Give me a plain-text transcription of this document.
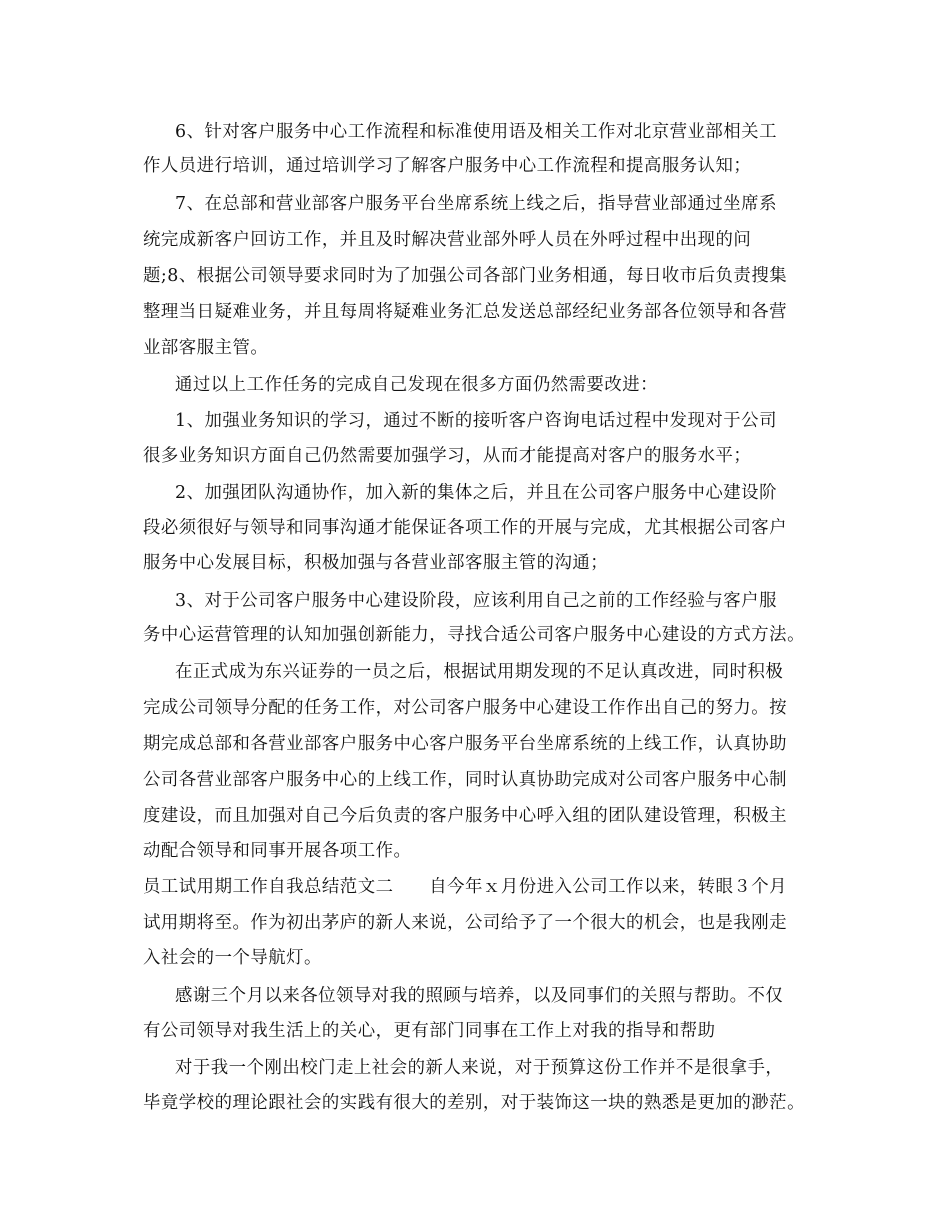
6、针对客户服务中心工作流程和标准使用语及相关工作对北京营业部相关工
作人员进行培训，通过培训学习了解客户服务中心工作流程和提高服务认知；
7、在总部和营业部客户服务平台坐席系统上线之后，指导营业部通过坐席系
统完成新客户回访工作，并且及时解决营业部外呼人员在外呼过程中出现的问
题;8、根据公司领导要求同时为了加强公司各部门业务相通，每日收市后负责搜集
整理当日疑难业务，并且每周将疑难业务汇总发送总部经纪业务部各位领导和各营
业部客服主管。
通过以上工作任务的完成自己发现在很多方面仍然需要改进：
1、加强业务知识的学习，通过不断的接听客户咨询电话过程中发现对于公司
很多业务知识方面自己仍然需要加强学习，从而才能提高对客户的服务水平；
2、加强团队沟通协作，加入新的集体之后，并且在公司客户服务中心建设阶
段必须很好与领导和同事沟通才能保证各项工作的开展与完成，尤其根据公司客户
服务中心发展目标，积极加强与各营业部客服主管的沟通；
3、对于公司客户服务中心建设阶段，应该利用自己之前的工作经验与客户服
务中心运营管理的认知加强创新能力，寻找合适公司客户服务中心建设的方式方法。
在正式成为东兴证券的一员之后，根据试用期发现的不足认真改进，同时积极
完成公司领导分配的任务工作，对公司客户服务中心建设工作作出自己的努力。按
期完成总部和各营业部客户服务中心客户服务平台坐席系统的上线工作，认真协助
公司各营业部客户服务中心的上线工作，同时认真协助完成对公司客户服务中心制
度建设，而且加强对自己今后负责的客户服务中心呼入组的团队建设管理，积极主
动配合领导和同事开展各项工作。
员工试用期工作自我总结范文二　　自今年ｘ月份进入公司工作以来，转眼３个月
试用期将至。作为初出茅庐的新人来说，公司给予了一个很大的机会，也是我刚走
入社会的一个导航灯。
感谢三个月以来各位领导对我的照顾与培养，以及同事们的关照与帮助。不仅
有公司领导对我生活上的关心，更有部门同事在工作上对我的指导和帮助
对于我一个刚出校门走上社会的新人来说，对于预算这份工作并不是很拿手，
毕竟学校的理论跟社会的实践有很大的差别，对于装饰这一块的熟悉是更加的渺茫。
